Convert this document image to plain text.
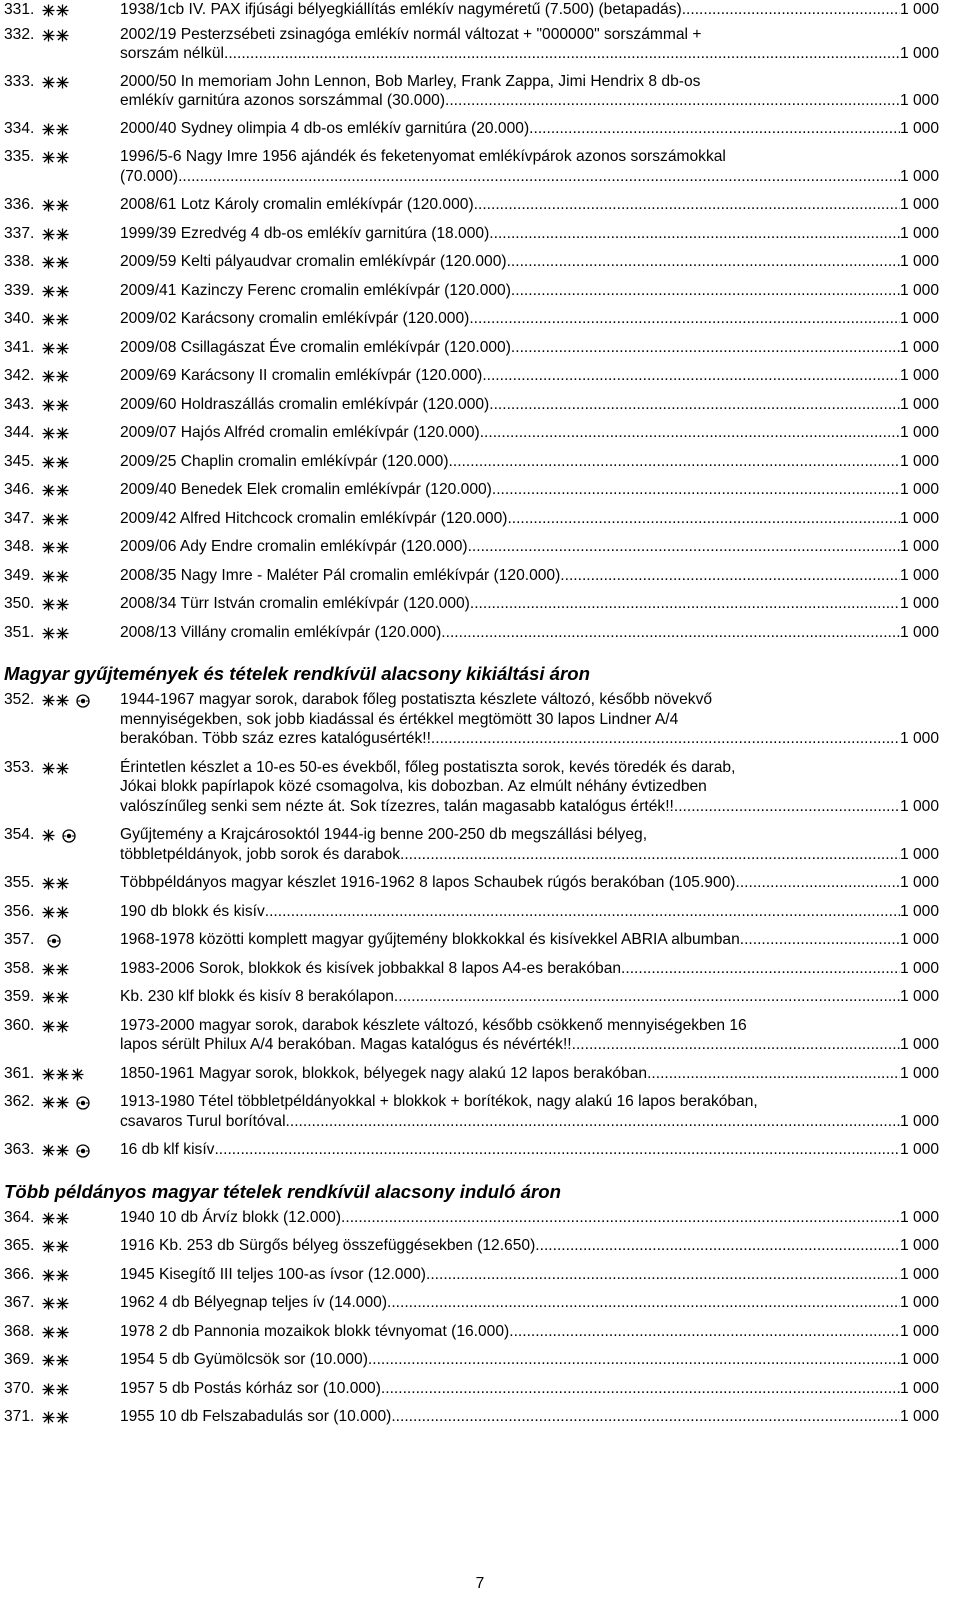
331.	1938/1cb IV. PAX ifjúsági bélyegkiállítás emlékív nagyméretű (7.500) (betapadás) .....	1 000
332.	2002/19 Pesterzsébeti zsinagóga emlékív normál változat + "000000" sorszámmal +
sorszám nélkül. .....	1 000
333.	2000/50 In memoriam John Lennon, Bob Marley, Frank Zappa, Jimi Hendrix 8 db-os
emlékív garnitúra azonos sorszámmal (30.000). .....	1 000
334.	2000/40 Sydney olimpia 4 db-os emlékív garnitúra (20.000). .....	1 000
335.	1996/5-6 Nagy Imre 1956 ajándék és feketenyomat emlékívpárok azonos sorszámokkal
(70.000). .....	1 000
336.	2008/61 Lotz Károly cromalin emlékívpár (120.000) .....	1 000
337.	1999/39 Ezredvég 4 db-os emlékív garnitúra (18.000) .....	1 000
338.	2009/59 Kelti pályaudvar cromalin emlékívpár (120.000) .....	1 000
339.	2009/41 Kazinczy Ferenc cromalin emlékívpár (120.000) .....	1 000
340.	2009/02 Karácsony cromalin emlékívpár (120.000) .....	1 000
341.	2009/08 Csillagászat Éve cromalin emlékívpár (120.000) .....	1 000
342.	2009/69 Karácsony II cromalin emlékívpár (120.000) .....	1 000
343.	2009/60 Holdraszállás cromalin emlékívpár (120.000) .....	1 000
344.	2009/07 Hajós Alfréd cromalin emlékívpár (120.000) .....	1 000
345.	2009/25 Chaplin cromalin emlékívpár (120.000) .....	1 000
346.	2009/40 Benedek Elek cromalin emlékívpár (120.000) .....	1 000
347.	2009/42 Alfred Hitchcock cromalin emlékívpár (120.000) .....	1 000
348.	2009/06 Ady Endre cromalin emlékívpár (120.000) .....	1 000
349.	2008/35 Nagy Imre - Maléter Pál cromalin emlékívpár (120.000) .....	1 000
350.	2008/34 Türr István cromalin emlékívpár (120.000) .....	1 000
351.	2008/13 Villány cromalin emlékívpár (120.000) .....	1 000
Magyar gyűjtemények és tételek rendkívül alacsony kikiáltási áron
352.	1944-1967 magyar sorok, darabok főleg postatiszta készlete változó, később növekvő
mennyiségekben, sok jobb kiadással és értékkel megtömött 30 lapos Lindner A/4
berakóban. Több száz ezres katalógusérték!! .....	1 000
353.	Érintetlen készlet a 10-es 50-es évekből, főleg postatiszta sorok, kevés töredék és darab,
Jókai blokk papírlapok közé csomagolva, kis dobozban. Az elmúlt néhány évtizedben
valószínűleg senki sem nézte át. Sok tízezres, talán magasabb katalógus érték!! .....	1 000
354.	Gyűjtemény a Krajcárosoktól 1944-ig benne 200-250 db megszállási bélyeg,
többletpéldányok, jobb sorok és darabok .....	1 000
355.	Többpéldányos magyar készlet 1916-1962 8 lapos Schaubek rúgós berakóban (105.900) .....	1 000
356.	190 db blokk és kisív .....	1 000
357.	1968-1978 közötti komplett magyar gyűjtemény blokkokkal és kisívekkel ABRIA albumban .....	1 000
358.	1983-2006 Sorok, blokkok és kisívek jobbakkal 8 lapos A4-es berakóban .....	1 000
359.	Kb. 230 klf blokk és kisív 8 berakólapon .....	1 000
360.	1973-2000 magyar sorok, darabok készlete változó, később csökkenő mennyiségekben 16
lapos sérült Philux A/4 berakóban. Magas katalógus és névérték!! .....	1 000
361.	1850-1961 Magyar sorok, blokkok, bélyegek nagy alakú 12 lapos berakóban .....	1 000
362.	1913-1980 Tétel többletpéldányokkal + blokkok + borítékok, nagy alakú 16 lapos berakóban,
csavaros Turul borítóval .....	1 000
363.	16 db klf kisív .....	1 000
Több példányos magyar tételek rendkívül alacsony induló áron
364.	1940 10 db Árvíz blokk (12.000) .....	1 000
365.	1916 Kb. 253 db Sürgős bélyeg összefüggésekben (12.650) .....	1 000
366.	1945 Kisegítő III teljes 100-as ívsor (12.000) .....	1 000
367.	1962 4 db Bélyegnap teljes ív (14.000) .....	1 000
368.	1978 2 db Pannonia mozaikok blokk tévnyomat (16.000) .....	1 000
369.	1954 5 db Gyümölcsök sor (10.000) .....	1 000
370.	1957 5 db Postás kórház sor (10.000) .....	1 000
371.	1955 10 db Felszabadulás sor (10.000) .....	1 000
7
